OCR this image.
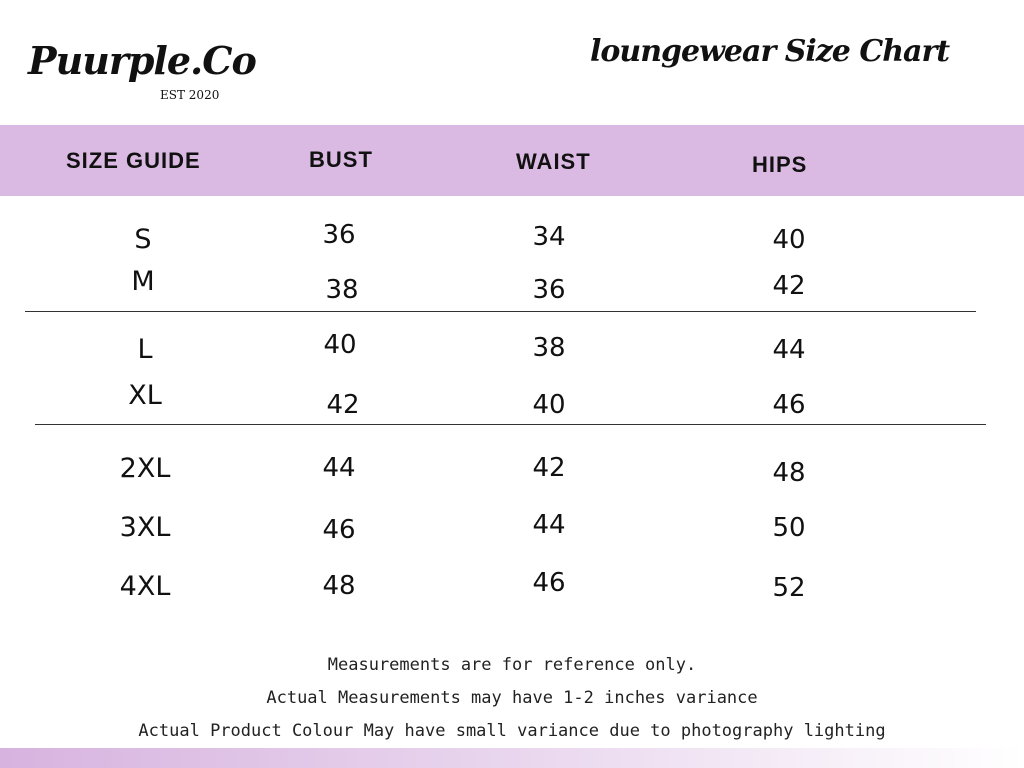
Puurple.Co
EST 2020
loungewear Size Chart
SIZE GUIDE	BUST	WAIST	HIPS
S	36	34	40
M	38	36	42
L	40	38	44
XL	42	40	46
2XL	44	42	48
3XL	46	44	50
4XL	48	46	52
Measurements are for reference only.
Actual Measurements may have 1-2 inches variance
Actual Product Colour May have small variance due to photography lighting
